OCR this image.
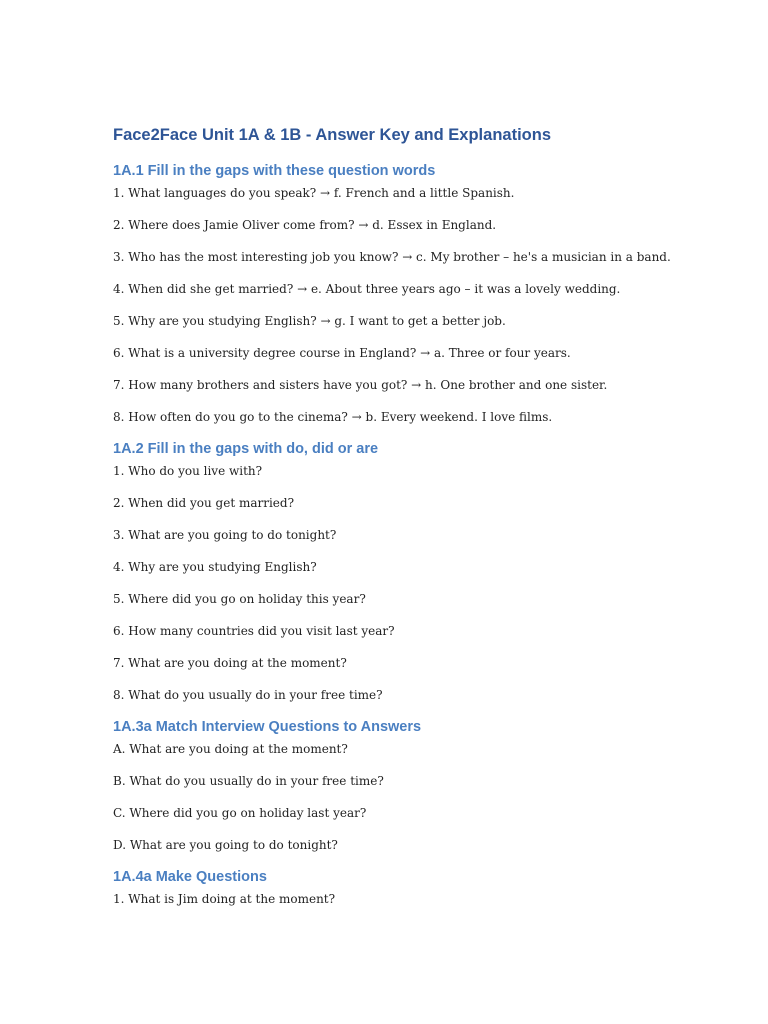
Face2Face Unit 1A & 1B - Answer Key and Explanations
1A.1 Fill in the gaps with these question words

1. What languages do you speak? → f. French and a little Spanish.

2. Where does Jamie Oliver come from? → d. Essex in England.

3. Who has the most interesting job you know? → c. My brother – he's a musician in a band.

4. When did she get married? → e. About three years ago – it was a lovely wedding.

5. Why are you studying English? → g. I want to get a better job.

6. What is a university degree course in England? → a. Three or four years.

7. How many brothers and sisters have you got? → h. One brother and one sister.

8. How often do you go to the cinema? → b. Every weekend. I love films.

1A.2 Fill in the gaps with do, did or are

1. Who do you live with?

2. When did you get married?

3. What are you going to do tonight?

4. Why are you studying English?

5. Where did you go on holiday this year?

6. How many countries did you visit last year?

7. What are you doing at the moment?

8. What do you usually do in your free time?

1A.3a Match Interview Questions to Answers

A. What are you doing at the moment?

B. What do you usually do in your free time?

C. Where did you go on holiday last year?

D. What are you going to do tonight?

1A.4a Make Questions

1. What is Jim doing at the moment?
